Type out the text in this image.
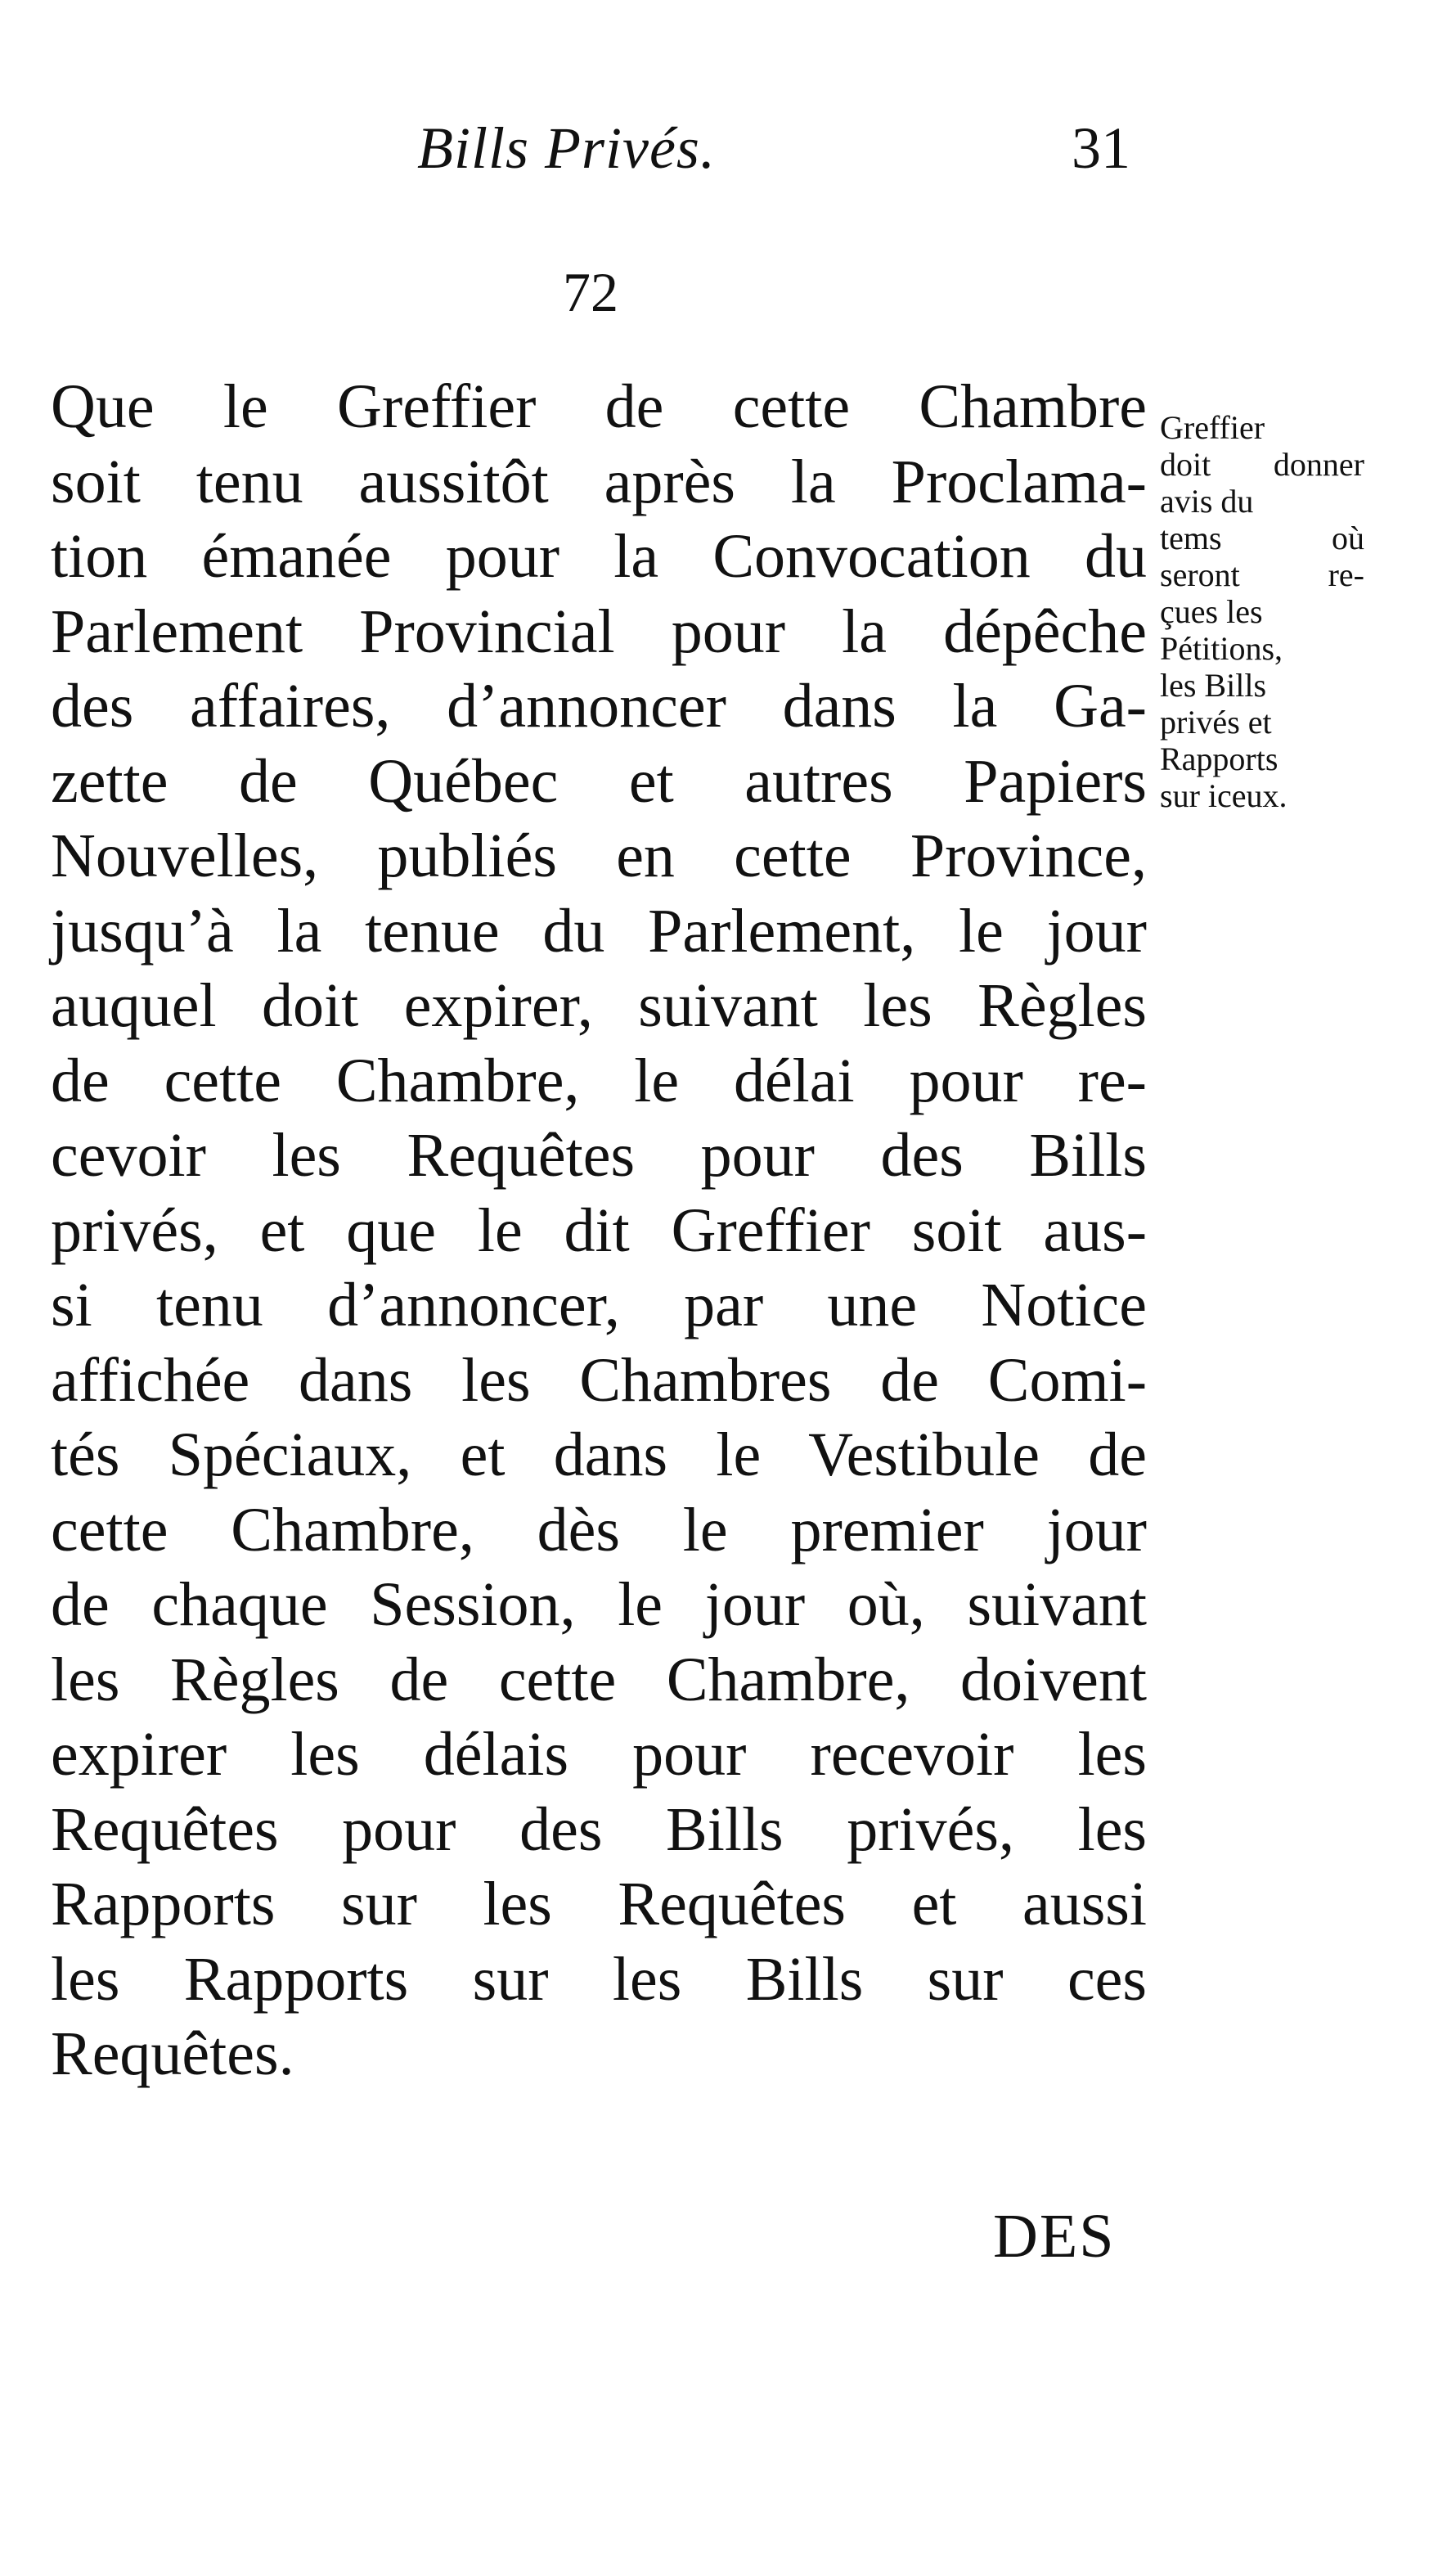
Bills Privés.	31
72
Que le Greffier de cette Chambre
soit tenu aussitôt après la Proclama-
tion émanée pour la Convocation du
Parlement Provincial pour la dépêche
des affaires, d’annoncer dans la Ga-
zette de Québec et autres Papiers
Nouvelles, publiés en cette Province,
jusqu’à la tenue du Parlement, le jour
auquel doit expirer, suivant les Règles
de cette Chambre, le délai pour re-
cevoir les Requêtes pour des Bills
privés, et que le dit Greffier soit aus-
si tenu d’annoncer, par une Notice
affichée dans les Chambres de Comi-
tés Spéciaux, et dans le Vestibule de
cette Chambre, dès le premier jour
de chaque Session, le jour où, suivant
les Règles de cette Chambre, doivent
expirer les délais pour recevoir les
Requêtes pour des Bills privés, les
Rapports sur les Requêtes et aussi
les Rapports sur les Bills sur ces
Requêtes.
Greffier
doit donner
avis du
tems où
seront re-
çues les
Pétitions,
les Bills
privés et
Rapports
sur iceux.
DES
